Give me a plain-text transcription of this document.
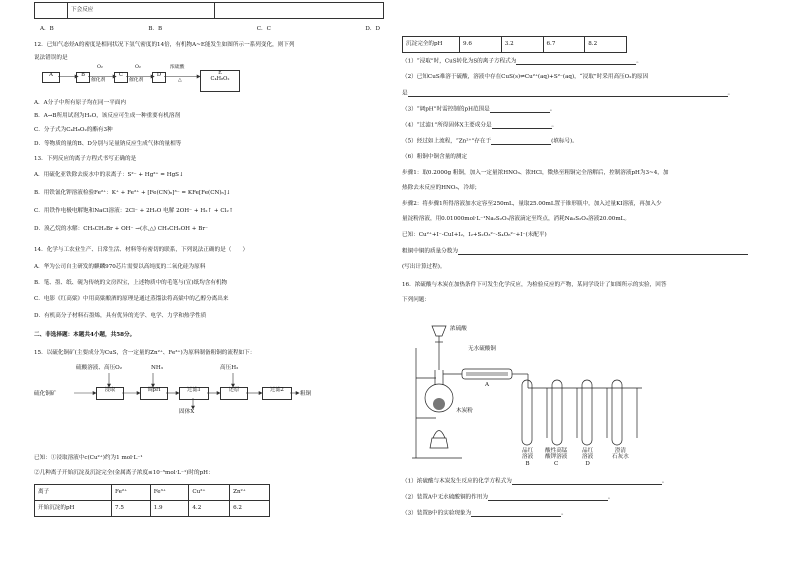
	下会反应	
A．B	B．B	C．C	D．D
12．已知气态烃A的密度是相同状况下氢气密度的14倍，有机物A~E能发生如图所示一系列变化，则下列
说法错误的是
A	B	C	D	E
C₄H₈O₂
O₂
催化剂
O₂
催化剂
浓硫酸
△
A．A分子中所有原子均在同一平面内
B．A→B所用试剂为H₂O，该反应可生成一种重要有机溶剂
C．分子式为C₄H₈O₂的酯有3种
D．等物质的量的B、D分别与足量钠反应生成气体的量相等
13．下列反应的离子方程式书写正确的是
A．用硫化亚铁除去废水中的汞离子：S²⁻ + Hg²⁺ = HgS↓
B．用铁氰化钾溶液检验Fe²⁺：K⁺ + Fe²⁺ + [Fe(CN)₆]³⁻ = KFe[Fe(CN)₆]↓
C．用铁作电极电解饱和NaCl溶液：2Cl⁻ + 2H₂O 电解 2OH⁻ + H₂↑ + Cl₂↑
D．溴乙烷的水解：CH₃CH₂Br + OH⁻ →(水,△) CH₃CH₂OH + Br⁻
14．化学与工农业生产、日常生活、材料等有密切的联系，下列说法正确的是（　　）
A．华为公司自主研发的麒麟970芯片需要以高纯度的二氧化硅为原料
B．笔、墨、纸、砚为传统的文房四宝，上述物质中的毛笔与(宣)纸均含有机物
C．电影《红高粱》中用高粱酿酒的原理是通过蒸馏法将高粱中的乙醇分离出来
D．有机高分子材料石墨烯，具有优异的光学、电学、力学和热学性质
二、非选择题：本题共4小题，共58分。
15．以硫化铜矿(主要成分为CuS，含一定量的Zn²⁺、Fe³⁺)为原料制备粗铜的流程如下：
硫酸溶液、高压O₂	NH₃	高压H₂
硫化铜矿
浸取	调pH	过滤1	还原	过滤2
粗铜
固体X
已知：①浸取溶液中c(Cu²⁺)约为1 mol·L⁻¹
②几种离子开始沉淀及沉淀完全(金属离子浓度≤10⁻⁵mol·L⁻¹)时的pH：
离子	Fe²⁺	Fe³⁺	Cu²⁺	Zn²⁺
开始沉淀的pH	7.5	1.9	4.2	6.2
沉淀完全的pH	9.6	3.2	6.7	8.2
（1）“浸取”时，CuS转化为S的离子方程式为	。
（2）已知CuS难溶于硫酸，溶液中存在CuS(s)⇌Cu²⁺(aq)+S²⁻(aq)，“浸取”时采用高压O₂的原因
是	。
（3）“调pH”时需控制的pH范围是	。
（4）“过滤1”所得固体X主要成分是	。
（5）经过如上流程，“Zn²⁺”存在于	(填标号)。
（6）粗铜中铜含量的测定
步骤1：取0.2000g 粗铜，加入一定量浓HNO₃、浓HCl，微热至粗铜完全溶解后，控制溶液pH为3~4，加
热除去未反应的HNO₃，冷却；
步骤2：将步骤1所得溶液加水定容至250mL，量取25.00mL置于锥形瓶中，加入过量KI溶液，再加入少
量淀粉溶液，用0.01000mol·L⁻¹Na₂S₂O₃溶液滴定至终点，消耗Na₂S₂O₃溶液20.00mL。
已知：Cu²⁺+I⁻-CuI+I₂，I₂+S₂O₃²⁻-S₄O₆²⁻+I⁻(未配平)
粗铜中铜的质量分数为
(写出计算过程)。
16．浓硫酸与木炭在加热条件下可发生化学反应，为检验反应的产物，某同学设计了如图所示的实验，回答
下列问题：
浓硫酸
无水硫酸铜
A
木炭粉
品红
溶液
B
酸性高锰
酸钾溶液
C
品红
溶液
D
澄清
石灰水
（1）浓硫酸与木炭发生反应的化学方程式为	。
（2）装置A中无水硫酸铜的作用为	。
（3）装置B中的实验现象为	。
